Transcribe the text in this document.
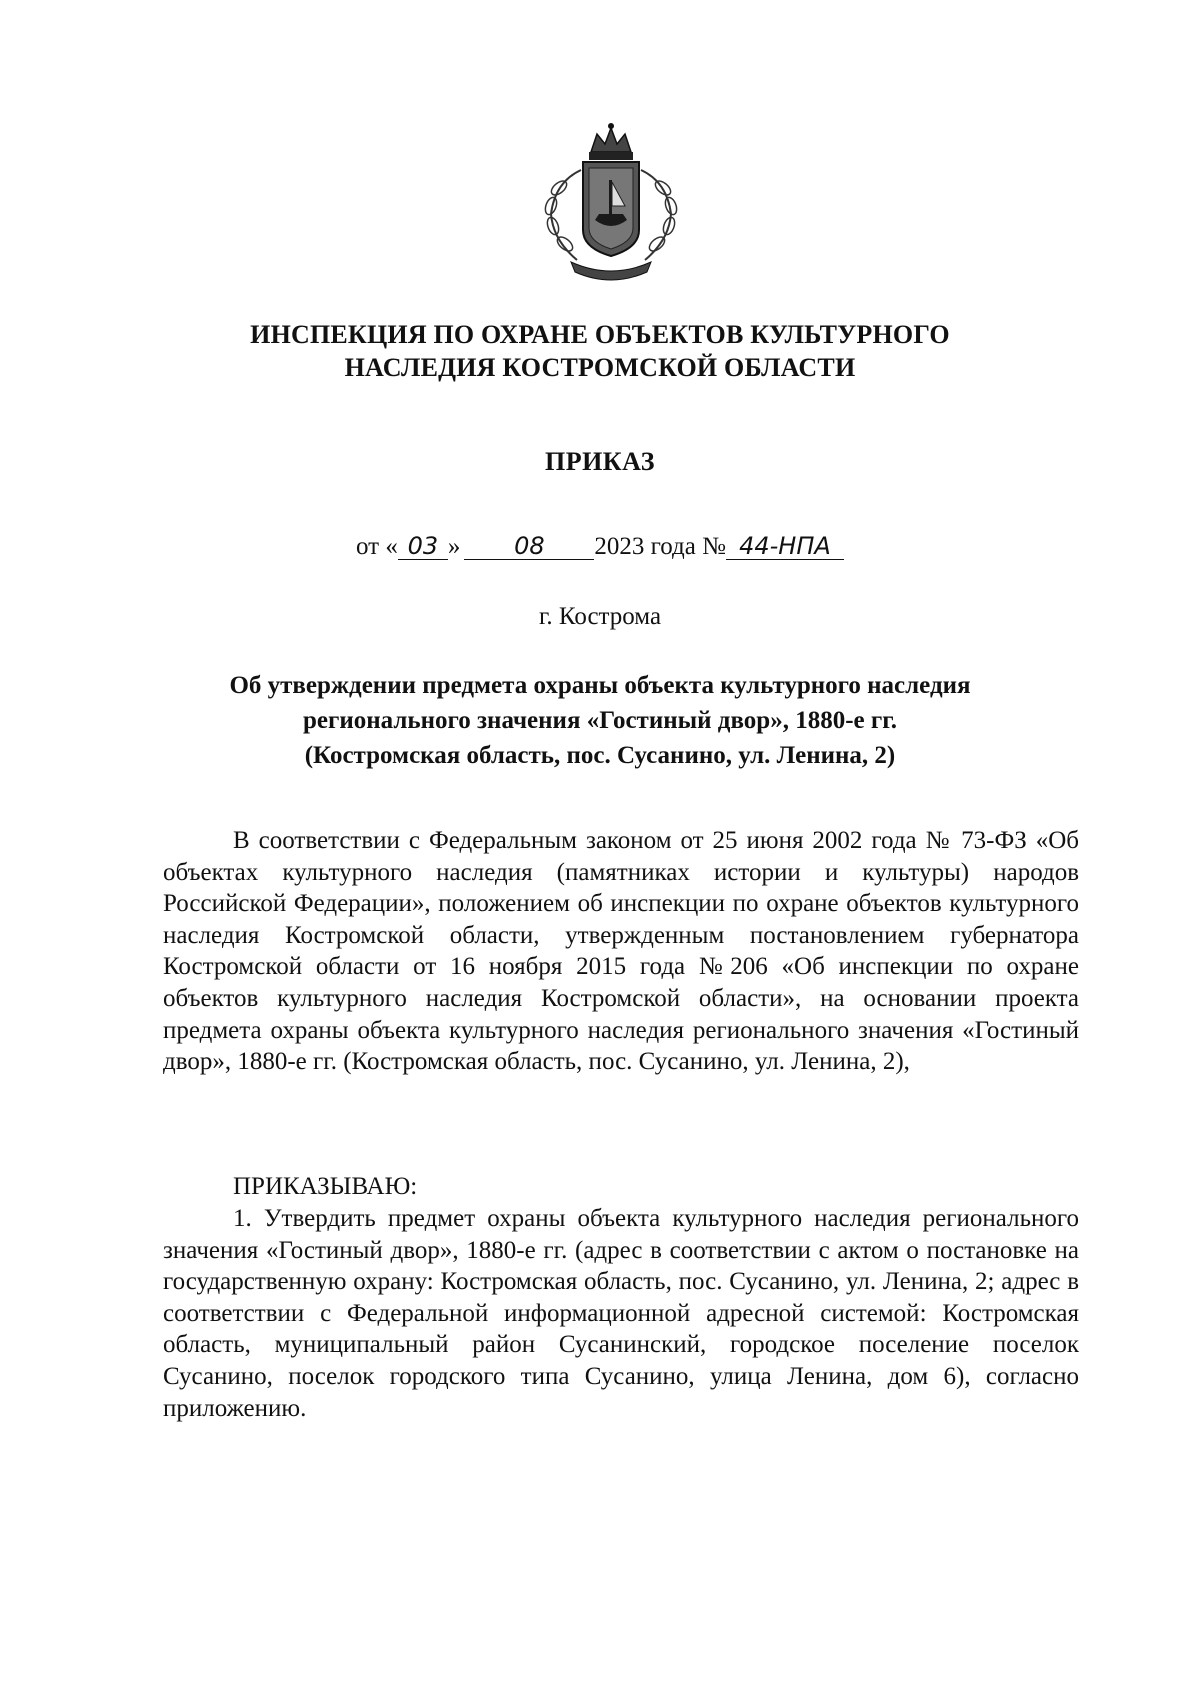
ИНСПЕКЦИЯ ПО ОХРАНЕ ОБЪЕКТОВ КУЛЬТУРНОГО
НАСЛЕДИЯ КОСТРОМСКОЙ ОБЛАСТИ
ПРИКАЗ
от « 03 » 08 2023 года № 44-НПА
г. Кострома
Об утверждении предмета охраны объекта культурного наследия
регионального значения «Гостиный двор», 1880-е гг.
(Костромская область, пос. Сусанино, ул. Ленина, 2)
В соответствии с Федеральным законом от 25 июня 2002 года № 73-ФЗ «Об объектах культурного наследия (памятниках истории и культуры) народов Российской Федерации», положением об инспекции по охране объектов культурного наследия Костромской области, утвержденным постановлением губернатора Костромской области от 16 ноября 2015 года №206 «Об инспекции по охране объектов культурного наследия Костромской области», на основании проекта предмета охраны объекта культурного наследия регионального значения «Гостиный двор», 1880-е гг. (Костромская область, пос. Сусанино, ул. Ленина, 2),
ПРИКАЗЫВАЮ:
1. Утвердить предмет охраны объекта культурного наследия регионального значения «Гостиный двор», 1880-е гг. (адрес в соответствии с актом о постановке на государственную охрану: Костромская область, пос. Сусанино, ул. Ленина, 2; адрес в соответствии с Федеральной информационной адресной системой: Костромская область, муниципальный район Сусанинский, городское поселение поселок Сусанино, поселок городского типа Сусанино, улица Ленина, дом 6), согласно приложению.
